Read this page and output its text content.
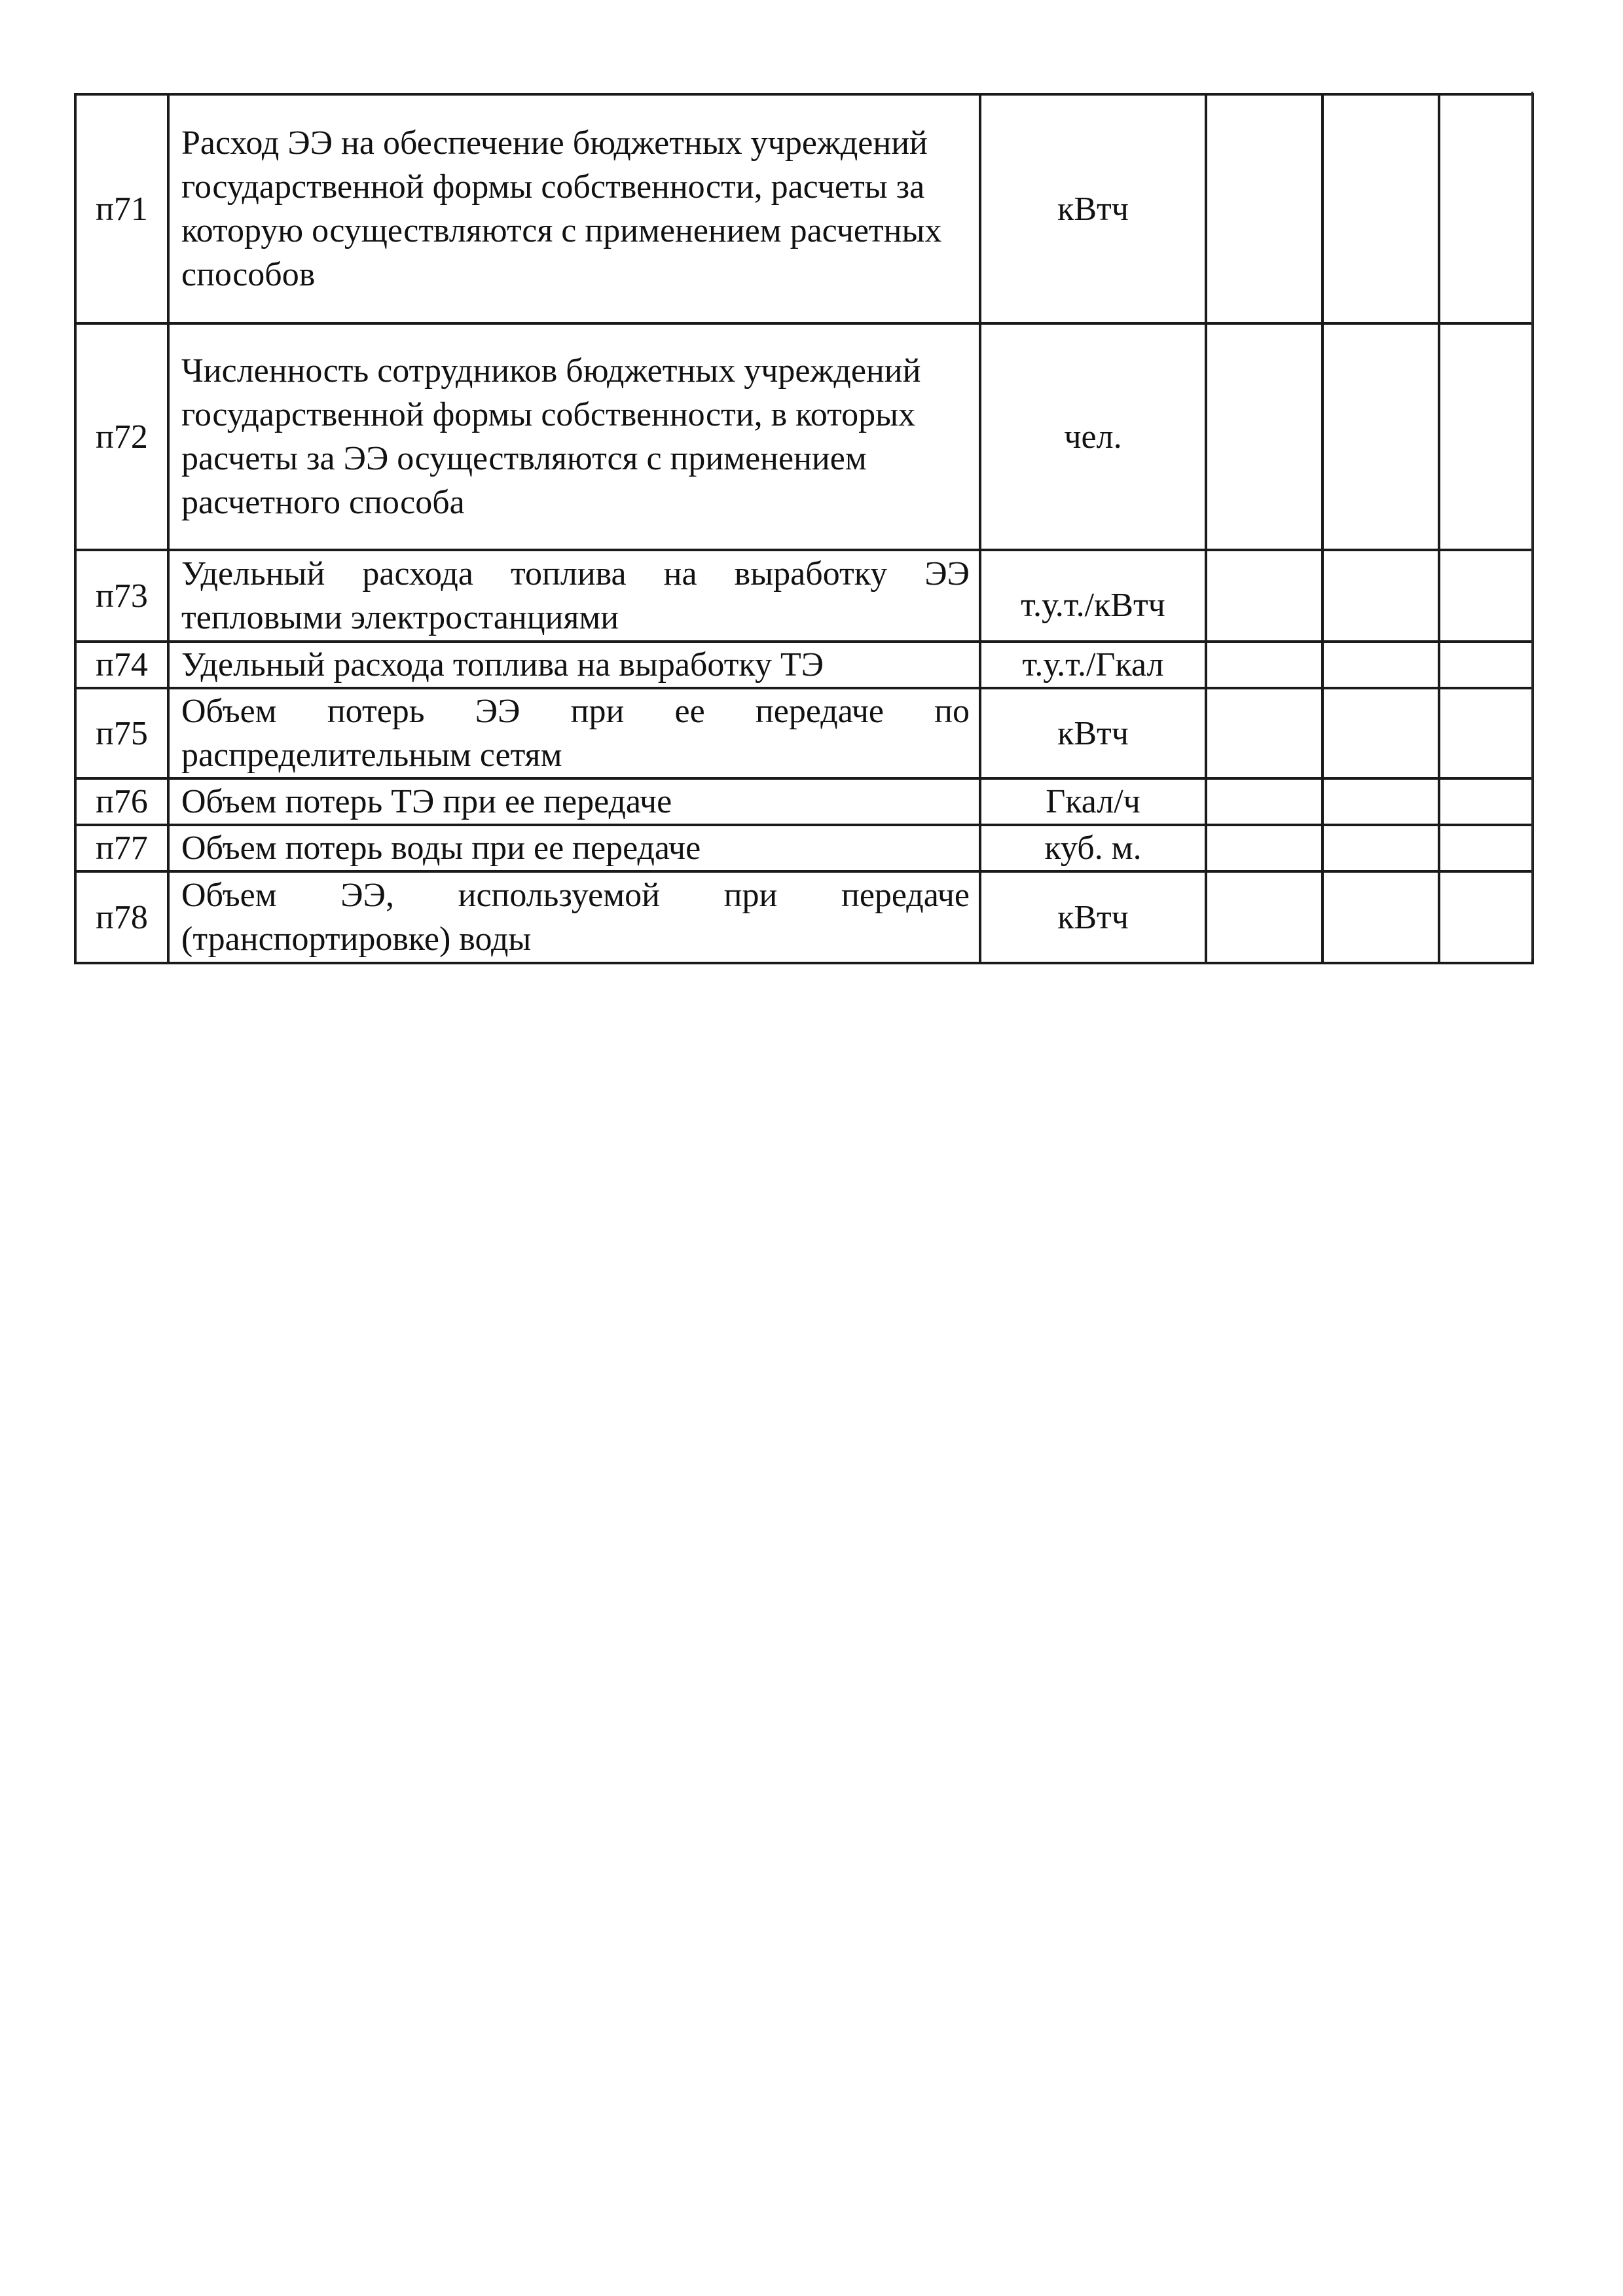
п71	Расход ЭЭ на обеспечение бюджетных учреждений государственной формы собственности, расчеты за которую осуществляются с применением расчетных способов	кВтч			
п72	Численность сотрудников бюджетных учреждений государственной формы собственности, в которых расчеты за ЭЭ осуществляются с применением расчетного способа	чел.			
п73	Удельный расхода топлива на выработку ЭЭ тепловыми электростанциями	т.у.т./кВтч			
п74	Удельный расхода топлива на выработку ТЭ	т.у.т./Гкал			
п75	Объем потерь ЭЭ при ее передаче по распределительным сетям	кВтч			
п76	Объем потерь ТЭ при ее передаче	Гкал/ч			
п77	Объем потерь воды при ее передаче	куб. м.			
п78	Объем ЭЭ, используемой при передаче (транспортировке) воды	кВтч			
